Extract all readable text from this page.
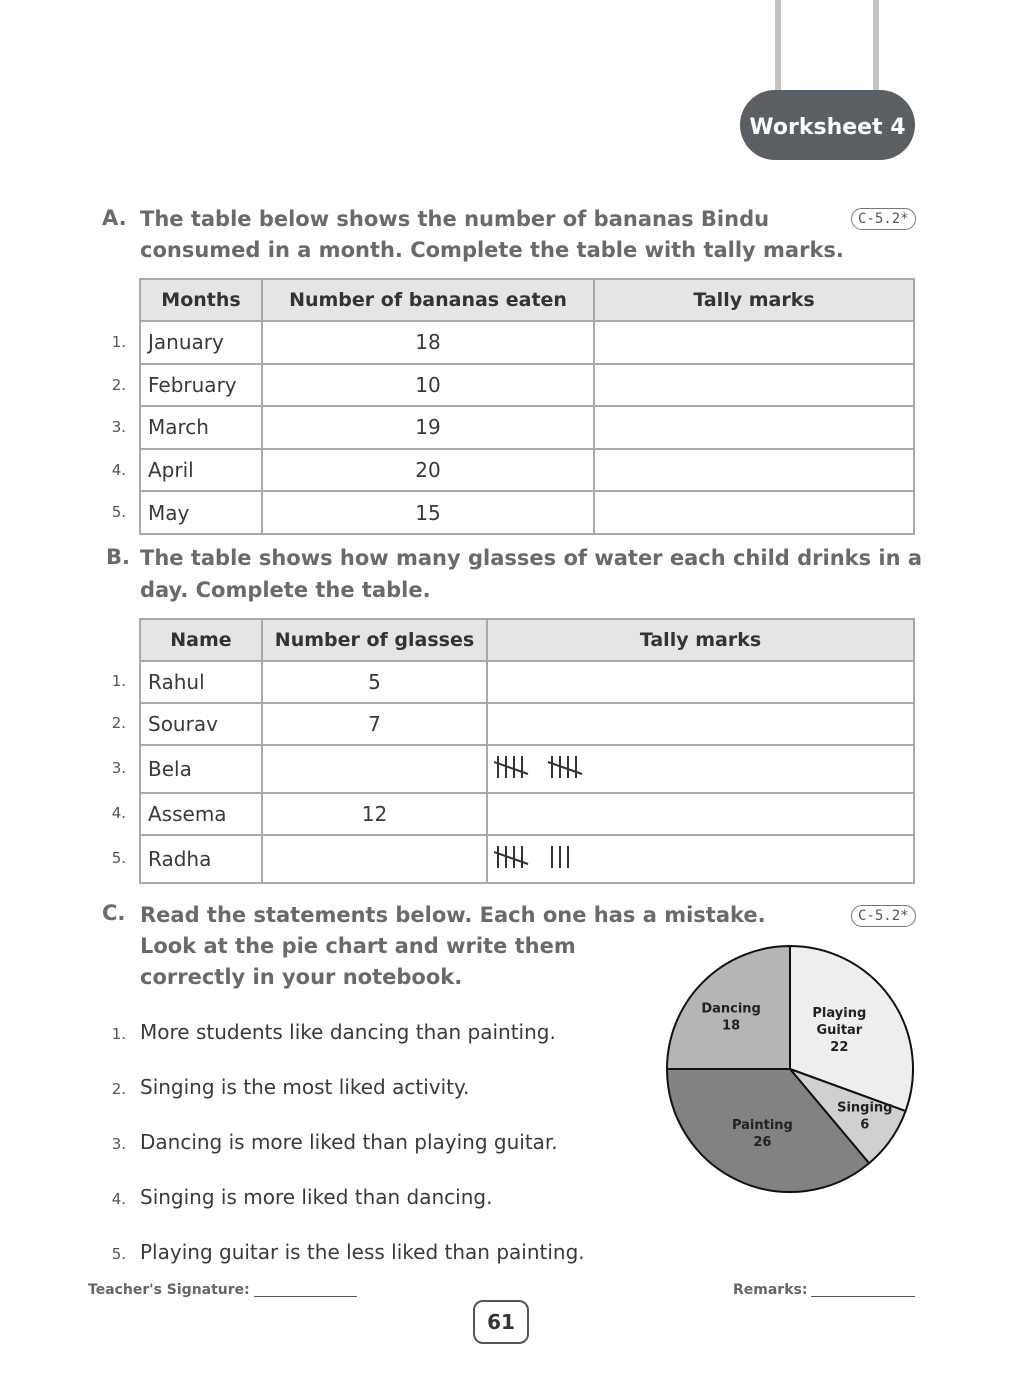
Worksheet 4
A. The table below shows the number of bananas Bindu
consumed in a month. Complete the table with tally marks.
C-5.2*
1.
2.
3.
4.
5.
Months	Number of bananas eaten	Tally marks
January	18	
February	10	
March	19	
April	20	
May	15	
B. The table shows how many glasses of water each child drinks in a
day. Complete the table.
1.
2.
3.
4.
5.
Name	Number of glasses	Tally marks
Rahul	5	
Sourav	7	
Bela		
Assema	12	
Radha		
C. Read the statements below. Each one has a mistake.
Look at the pie chart and write them
correctly in your notebook.
C-5.2*
1. More students like dancing than painting.
2. Singing is the most liked activity.
3. Dancing is more liked than playing guitar.
4. Singing is more liked than dancing.
5. Playing guitar is the less liked than painting.
Playing
Guitar
22
Singing
6
Painting
26
Dancing
18
Teacher's Signature:	Remarks:
61
